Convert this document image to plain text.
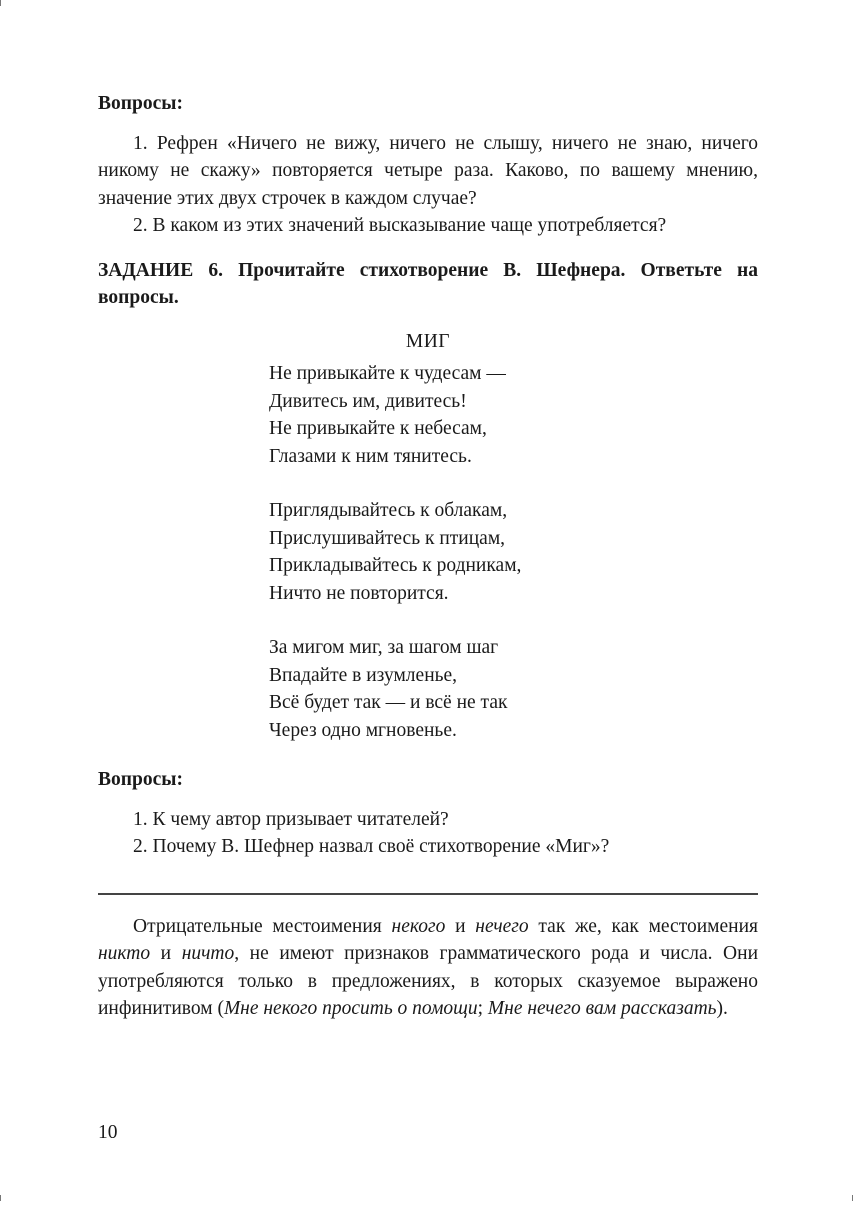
Вопросы:

1. Рефрен «Ничего не вижу, ничего не слышу, ничего не знаю, ничего никому не скажу» повторяется четыре раза. Каково, по вашему мнению, значение этих двух строчек в каждом случае?

2. В каком из этих значений высказывание чаще употребляется?

ЗАДАНИЕ 6. Прочитайте стихотворение В. Шефнера. Ответьте на вопросы.

МИГ

Не привыкайте к чудесам —
Дивитесь им, дивитесь!
Не привыкайте к небесам,
Глазами к ним тянитесь.
Приглядывайтесь к облакам,
Прислушивайтесь к птицам,
Прикладывайтесь к родникам,
Ничто не повторится.
За мигом миг, за шагом шаг
Впадайте в изумленье,
Всё будет так — и всё не так
Через одно мгновенье.

Вопросы:

1. К чему автор призывает читателей?

2. Почему В. Шефнер назвал своё стихотворение «Миг»?

Отрицательные местоимения некого и нечего так же, как местоимения никто и ничто, не имеют признаков грамматического рода и числа. Они употребляются только в предложениях, в которых сказуемое выражено инфинитивом (Мне некого просить о помощи; Мне нечего вам рассказать).

10
